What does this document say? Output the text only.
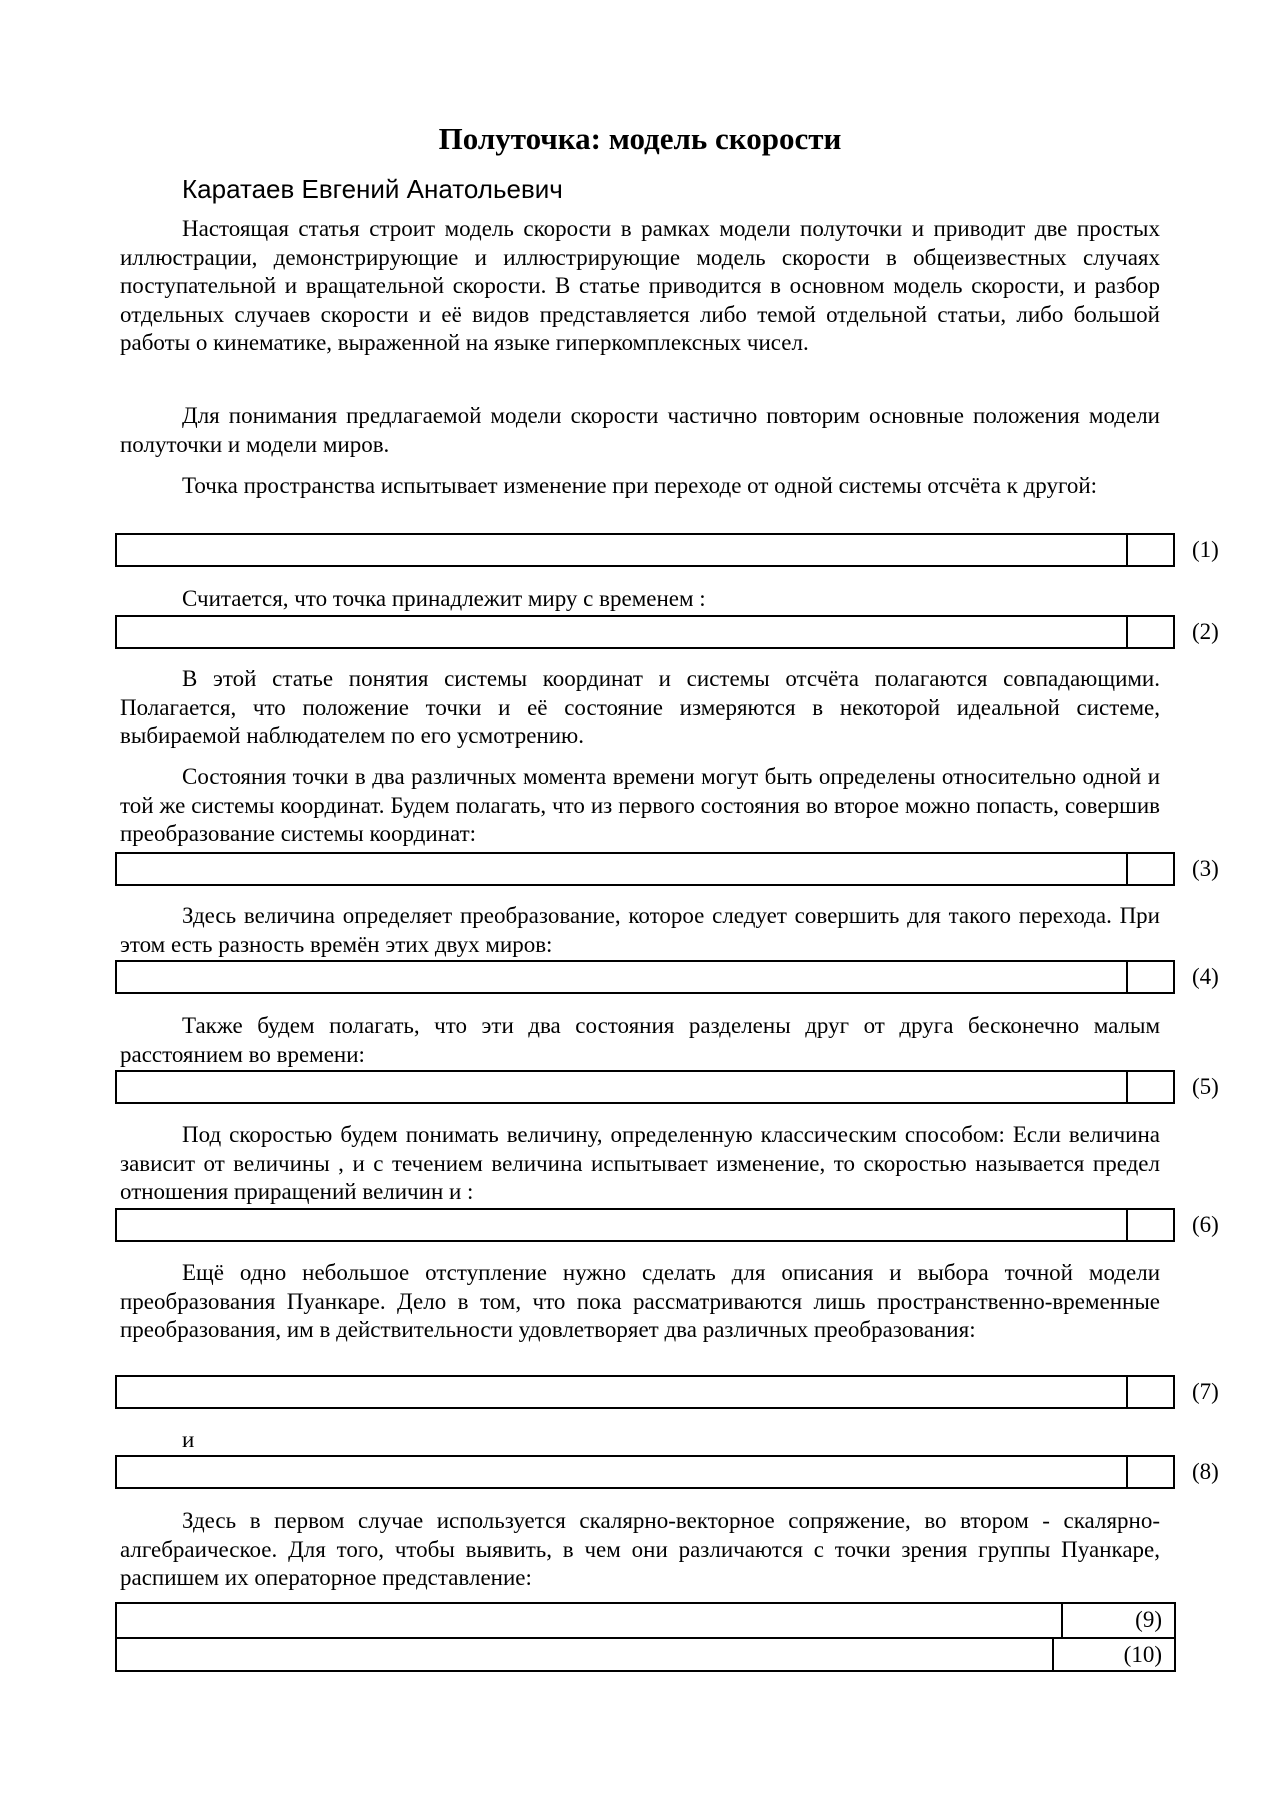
Полуточка: модель скорости
Каратаев Евгений Анатольевич

Настоящая статья строит модель скорости в рамках модели полуточки и приводит две простых иллюстрации, демонстрирующие и иллюстрирующие модель скорости в общеизвестных случаях поступательной и вращательной скорости. В статье приводится в основном модель скорости, и разбор отдельных случаев скорости и её видов представляется либо темой отдельной статьи, либо большой работы о кинематике, выраженной на языке гиперкомплексных чисел.

Для понимания предлагаемой модели скорости частично повторим основные положения модели полуточки и модели миров.

Точка пространства испытывает изменение при переходе от одной системы отсчёта к другой:

(1)

Считается, что точка принадлежит миру с временем :

(2)

В этой статье понятия системы координат и системы отсчёта полагаются совпадающими. Полагается, что положение точки и её состояние измеряются в некоторой идеальной системе, выбираемой наблюдателем по его усмотрению.

Состояния точки в два различных момента времени могут быть определены относительно одной и той же системы координат. Будем полагать, что из первого состояния во второе можно попасть, совершив преобразование системы координат:

(3)

Здесь величина определяет преобразование, которое следует совершить для такого перехода. При этом есть разность времён этих двух миров:

(4)

Также будем полагать, что эти два состояния разделены друг от друга бесконечно малым расстоянием во времени:

(5)

Под скоростью будем понимать величину, определенную классическим способом: Если величина зависит от величины , и с течением величина испытывает изменение, то скоростью называется предел отношения приращений величин и :

(6)

Ещё одно небольшое отступление нужно сделать для описания и выбора точной модели преобразования Пуанкаре. Дело в том, что пока рассматриваются лишь пространственно-временные преобразования, им в действительности удовлетворяет два различных преобразования:

(7)
и
(8)

Здесь в первом случае используется скалярно-векторное сопряжение, во втором - скалярно-алгебраическое. Для того, чтобы выявить, в чем они различаются с точки зрения группы Пуанкаре, распишем их операторное представление:

(9)
(10)
